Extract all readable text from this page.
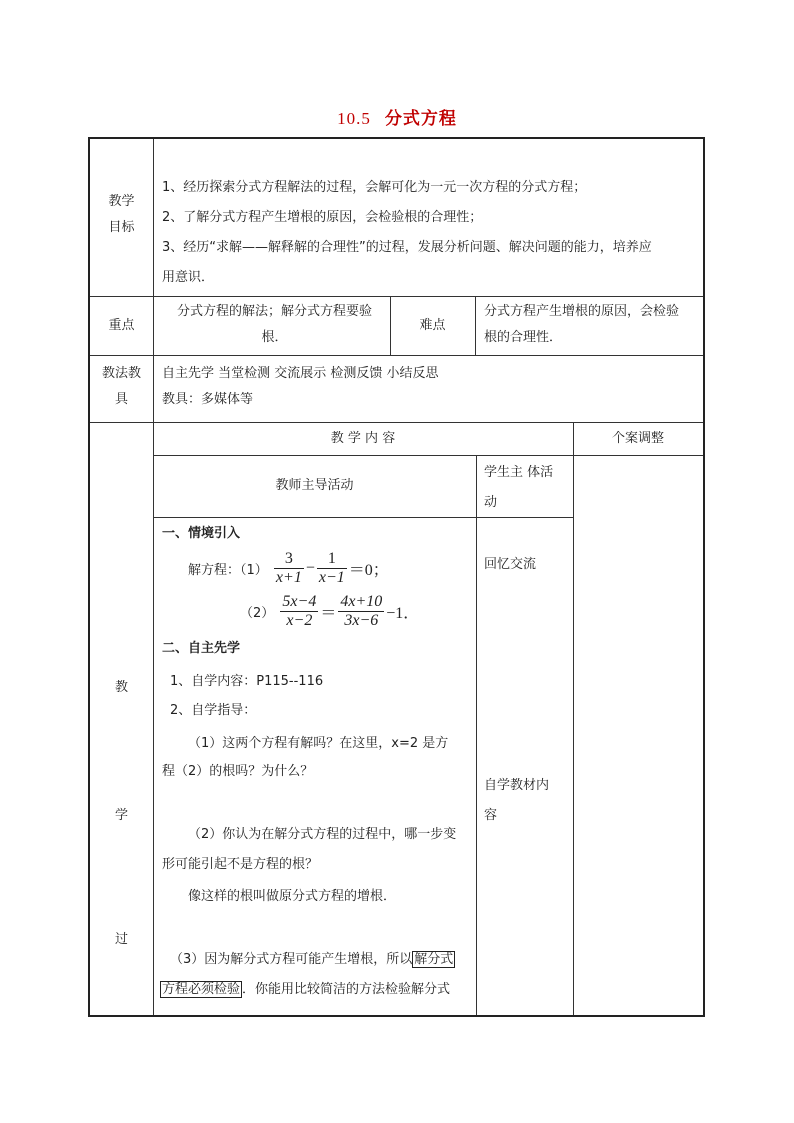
10.5 分式方程
教学
目标
1、经历探索分式方程解法的过程，会解可化为一元一次方程的分式方程；
2、了解分式方程产生增根的原因，会检验根的合理性；
3、经历“求解——解释解的合理性”的过程，发展分析问题、解决问题的能力，培养应
用意识．
重点
分式方程的解法；解分式方程要验
根．
难点
分式方程产生增根的原因，会检验
根的合理性．
教法教
具
自主先学 当堂检测 交流展示 检测反馈 小结反思
教具：多媒体等
教
学
过
教 学 内 容	个案调整
教师主导活动
学生主 体活
动
一、情境引入
解方程：$(1) \frac{3}{x+1} - \frac{1}{x-1} =0$；
$(2) \frac{5x-4}{x-2} = \frac{4x+10}{3x-6} -1$．
二、自主先学
1、自学内容：P115--116
2、自学指导：
（1）这两个方程有解吗？在这里，x=2 是方
程（2）的根吗？为什么？
（2）你认为在解分式方程的过程中，哪一步变
形可能引起不是方程的根？
像这样的根叫做原分式方程的增根．
（3）因为解分式方程可能产生增根，所以 解分式
方程必须检验 ．你能用比较简洁的方法检验解分式
回忆交流
自学教材内
容
